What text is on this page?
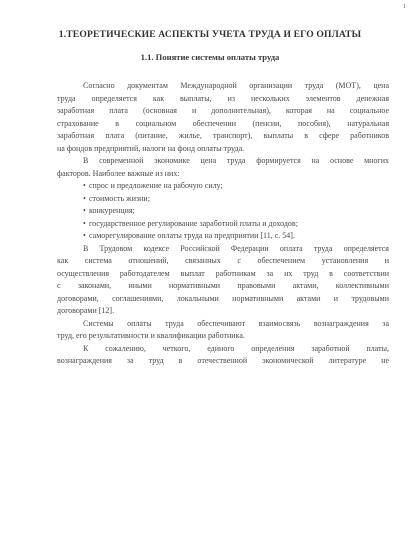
1
1.ТЕОРЕТИЧЕСКИЕ АСПЕКТЫ УЧЕТА ТРУДА И ЕГО ОПЛАТЫ
1.1. Понятие системы оплаты труда
Согласно документам Международной организации труда (МОТ), цена
труда определяется как выплаты, из нескольких элементов денежная
заработная плата (основная и дополнительная), которая на социальное
страхование в социальном обеспечении (пенсии, пособия), натуральная
заработная плата (питание, жилье, транспорт), выплаты в сфере работников
на фондов предприятий, налоги на фонд оплаты труда.
В современной экономике цена труда формируется на основе многих
факторов. Наиболее важные из них:
• спрос и предложение на рабочую силу;
• стоимость жизни;
• конкуренция;
• государственное регулирование заработной платы и доходов;
• саморегулирование оплаты труда на предприятии [11, с. 54].
В Трудовом кодексе Российской Федерации оплата труда определяется
как система отношений, связанных с обеспечением установления и
осуществления работодателем выплат работникам за их труд в соответствии
с законами, иными нормативными правовыми актами, коллективными
договорами, соглашениями, локальными нормативными актами и трудовыми
договорами [12].
Системы оплаты труда обеспечивают взаимосвязь вознаграждения за
труд, его результативности и квалификации работника.
К сожалению, четкого, единого определения заработной платы,
вознаграждения за труд в отечественной экономической литературе не
